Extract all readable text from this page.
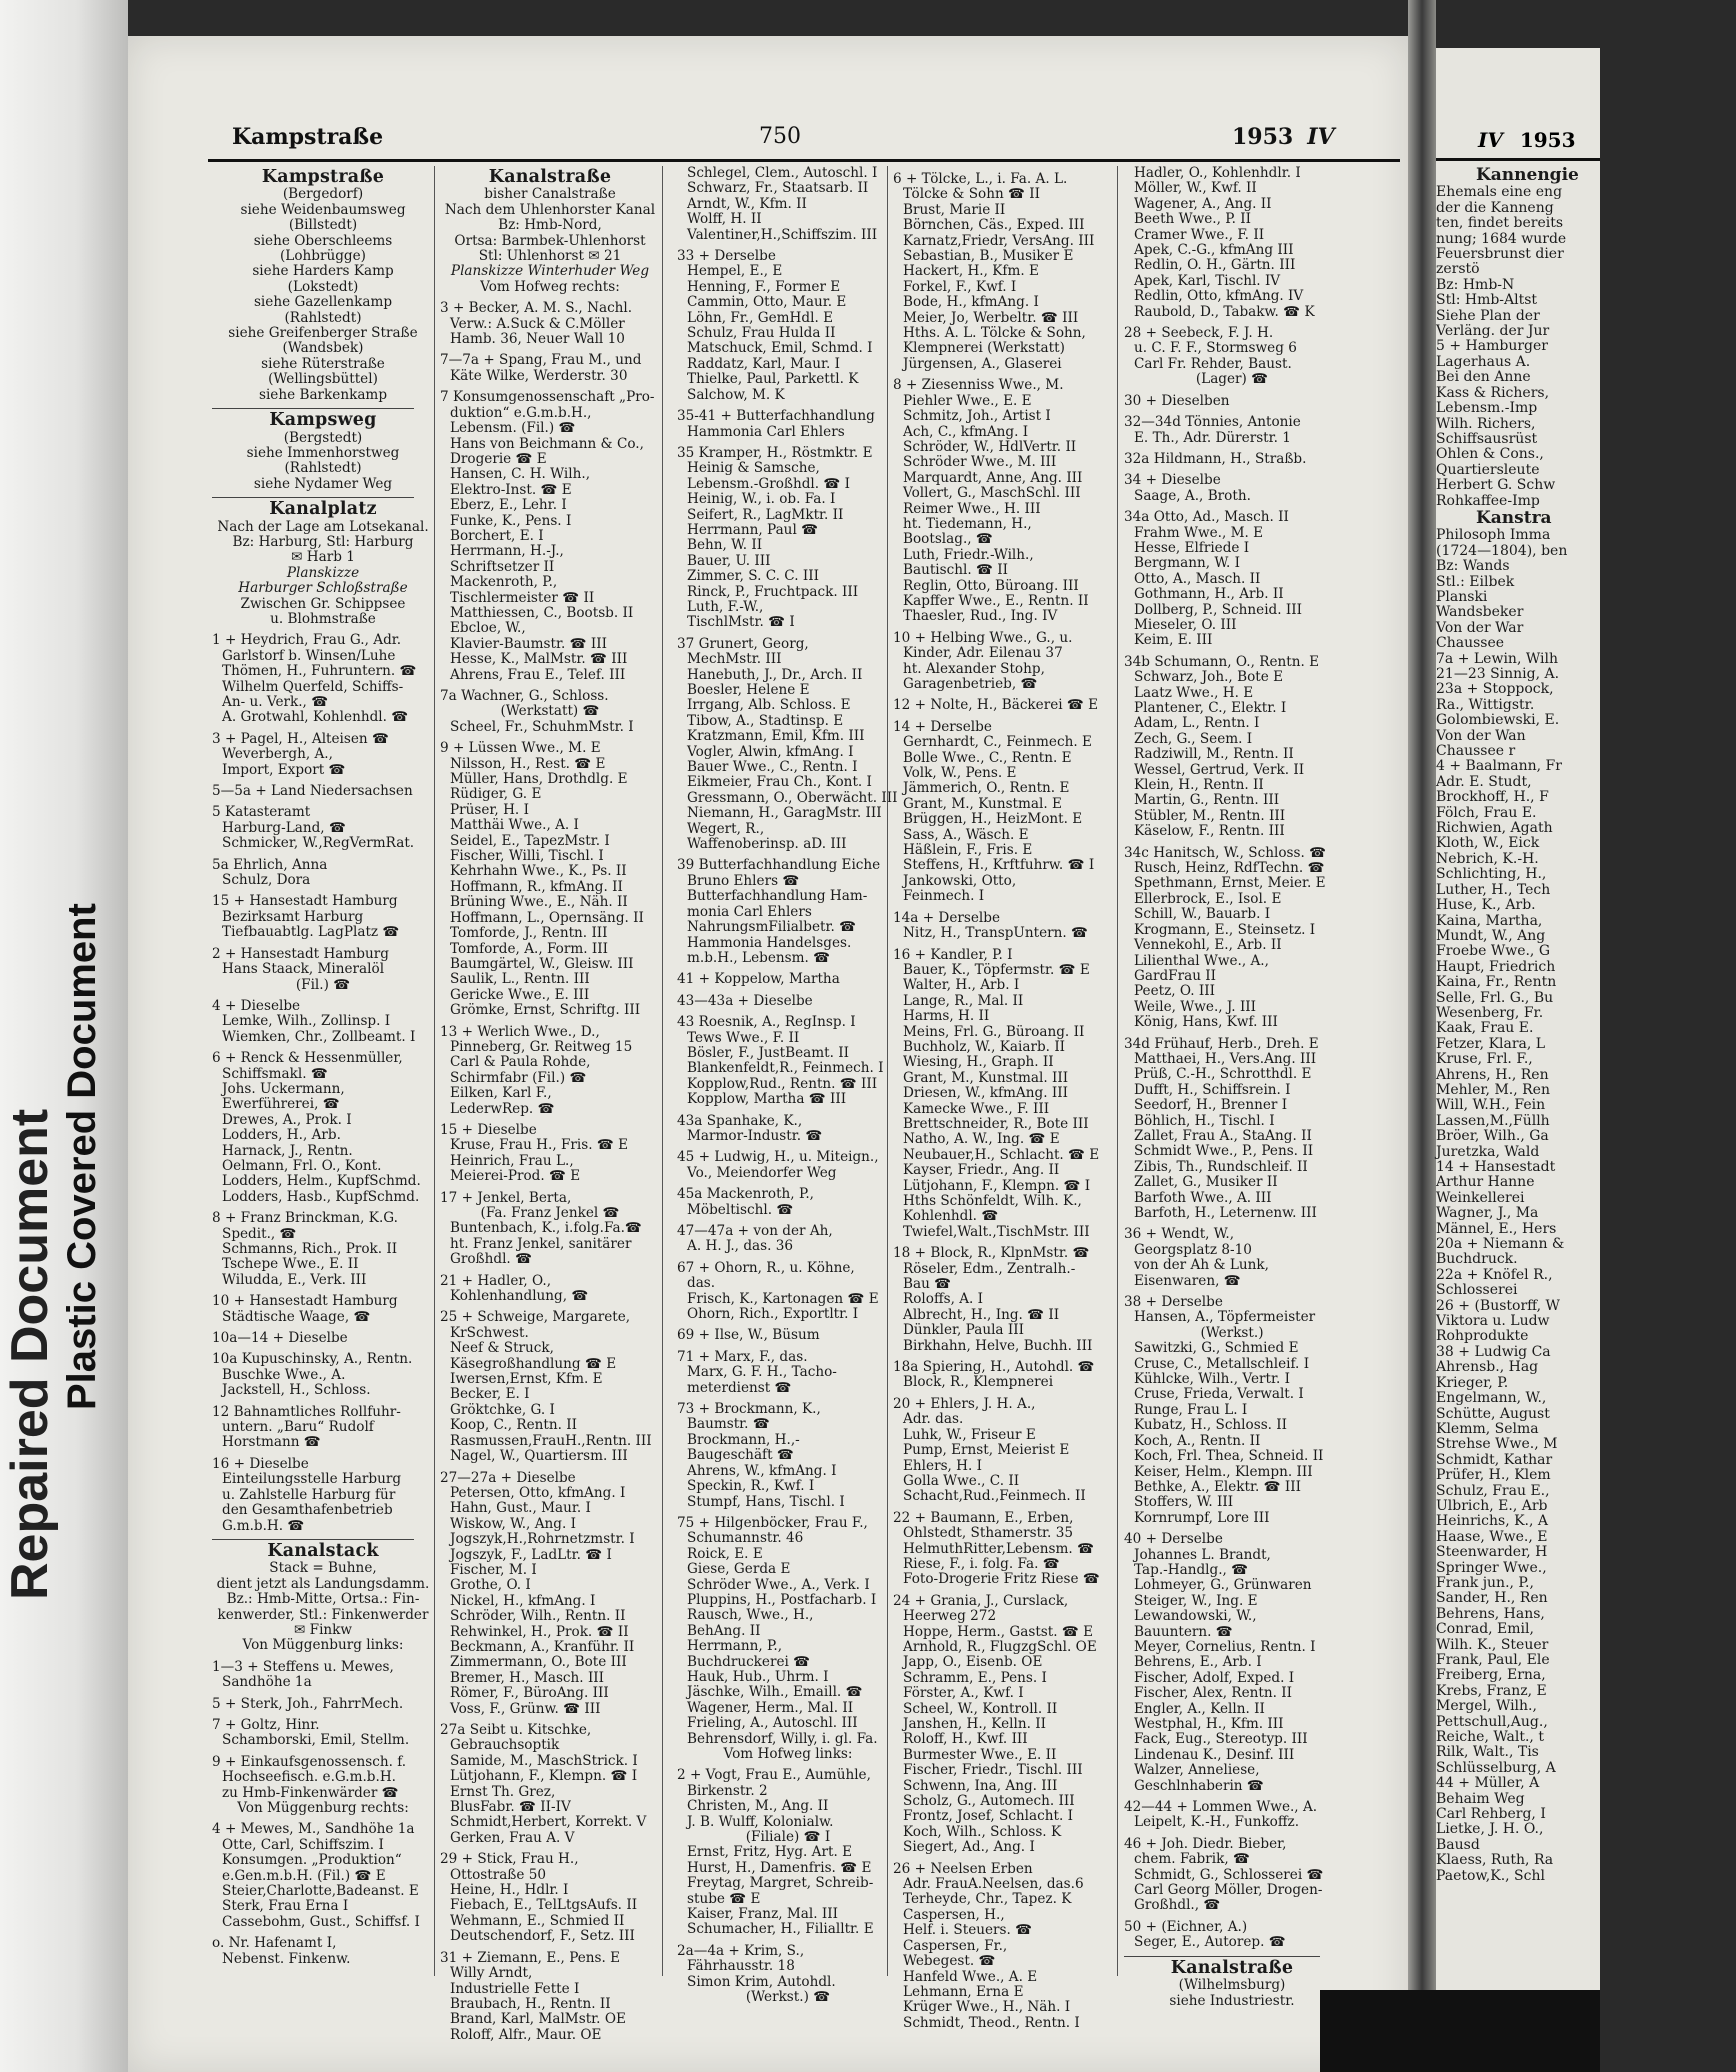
Repaired Document Plastic Covered Document
IV 1953
Kannengie
Ehemals eine eng
der die Kanneng
ten, findet bereits
nung; 1684 wurde
Feuersbrunst dier
zerstö
Bz: Hmb-N
Stl: Hmb-Altst
Siehe Plan der
Verläng. der Jur
5 + Hamburger
Lagerhaus A.
Bei den Anne
Kass & Richers,
Lebensm.-Imp
Wilh. Richers,
Schiffsausrüst
Ohlen & Cons.,
Quartiersleute
Herbert G. Schw
Rohkaffee-Imp
Kanstra
Philosoph Imma
(1724—1804), ben
Bz: Wands
Stl.: Eilbek
Planski
Wandsbeker
Von der War
Chaussee
7a + Lewin, Wilh
21—23 Sinnig, A.
23a + Stoppock,
Ra., Wittigstr.
Golombiewski, E.
Von der Wan
Chaussee r
4 + Baalmann, Fr
Adr. E. Studt,
Brockhoff, H., F
Fölch, Frau E.
Richwien, Agath
Kloth, W., Eick
Nebrich, K.-H.
Schlichting, H.,
Luther, H., Tech
Huse, K., Arb.
Kaina, Martha,
Mundt, W., Ang
Froebe Wwe., G
Haupt, Friedrich
Kaina, Fr., Rentn
Selle, Frl. G., Bu
Wesenberg, Fr.
Kaak, Frau E.
Fetzer, Klara, L
Kruse, Frl. F.,
Ahrens, H., Ren
Mehler, M., Ren
Will, W.H., Fein
Lassen,M.,Füllh
Bröer, Wilh., Ga
Juretzka, Wald
14 + Hansestadt
Arthur Hanne
Weinkellerei
Wagner, J., Ma
Männel, E., Hers
20a + Niemann &
Buchdruck.
22a + Knöfel R.,
Schlosserei
26 + (Bustorff, W
Viktora u. Ludw
Rohprodukte
38 + Ludwig Ca
Ahrensb., Hag
Krieger, P.
Engelmann, W.,
Schütte, August
Klemm, Selma
Strehse Wwe., M
Schmidt, Kathar
Prüfer, H., Klem
Schulz, Frau E.,
Ulbrich, E., Arb
Heinrichs, K., A
Haase, Wwe., E
Steenwarder, H
Springer Wwe.,
Frank jun., P.,
Sander, H., Ren
Behrens, Hans,
Conrad, Emil,
Wilh. K., Steuer
Frank, Paul, Ele
Freiberg, Erna,
Krebs, Franz, E
Mergel, Wilh.,
Pettschull,Aug.,
Reiche, Walt., t
Rilk, Walt., Tis
Schlüsselburg, A
44 + Müller, A
Behaim Weg
Carl Rehberg, I
Lietke, J. H. O.,
Bausd
Klaess, Ruth, Ra
Paetow,K., Schl
Kampstraße	750	1953 IV
Kampstraße
(Bergedorf)
siehe Weidenbaumsweg
(Billstedt)
siehe Oberschleems
(Lohbrügge)
siehe Harders Kamp
(Lokstedt)
siehe Gazellenkamp
(Rahlstedt)
siehe Greifenberger Straße
(Wandsbek)
siehe Rüterstraße
(Wellingsbüttel)
siehe Barkenkamp
Kampsweg
(Bergstedt)
siehe Immenhorstweg
(Rahlstedt)
siehe Nydamer Weg
Kanalplatz
Nach der Lage am Lotsekanal.
Bz: Harburg, Stl: Harburg
✉ Harb 1
Planskizze
Harburger Schloßstraße
Zwischen Gr. Schippsee
u. Blohmstraße
1 + Heydrich, Frau G., Adr.
Garlstorf b. Winsen/Luhe
Thömen, H., Fuhruntern. ☎
Wilhelm Querfeld, Schiffs-
An- u. Verk., ☎
A. Grotwahl, Kohlenhdl. ☎
3 + Pagel, H., Alteisen ☎
Weverbergh, A.,
Import, Export ☎
5—5a + Land Niedersachsen
5 Katasteramt
Harburg-Land, ☎
Schmicker, W.,RegVermRat.
5a Ehrlich, Anna
Schulz, Dora
15 + Hansestadt Hamburg
Bezirksamt Harburg
Tiefbauabtlg. LagPlatz ☎
2 + Hansestadt Hamburg
Hans Staack, Mineralöl
(Fil.) ☎
4 + Dieselbe
Lemke, Wilh., Zollinsp. I
Wiemken, Chr., Zollbeamt. I
6 + Renck & Hessenmüller,
Schiffsmakl. ☎
Johs. Uckermann,
Ewerführerei, ☎
Drewes, A., Prok. I
Lodders, H., Arb.
Harnack, J., Rentn.
Oelmann, Frl. O., Kont.
Lodders, Helm., KupfSchmd.
Lodders, Hasb., KupfSchmd.
8 + Franz Brinckman, K.G.
Spedit., ☎
Schmanns, Rich., Prok. II
Tschepe Wwe., E. II
Wiludda, E., Verk. III
10 + Hansestadt Hamburg
Städtische Waage, ☎
10a—14 + Dieselbe
10a Kupuschinsky, A., Rentn.
Buschke Wwe., A.
Jackstell, H., Schloss.
12 Bahnamtliches Rollfuhr-
untern. „Baru“ Rudolf
Horstmann ☎
16 + Dieselbe
Einteilungsstelle Harburg
u. Zahlstelle Harburg für
den Gesamthafenbetrieb
G.m.b.H. ☎
Kanalstack
Stack = Buhne,
dient jetzt als Landungsdamm.
Bz.: Hmb-Mitte, Ortsa.: Fin-
kenwerder, Stl.: Finkenwerder
✉ Finkw
Von Müggenburg links:
1—3 + Steffens u. Mewes,
Sandhöhe 1a
5 + Sterk, Joh., FahrrMech.
7 + Goltz, Hinr.
Schamborski, Emil, Stellm.
9 + Einkaufsgenossensch. f.
Hochseefisch. e.G.m.b.H.
zu Hmb-Finkenwärder ☎
Von Müggenburg rechts:
4 + Mewes, M., Sandhöhe 1a
Otte, Carl, Schiffszim. I
Konsumgen. „Produktion“
e.Gen.m.b.H. (Fil.) ☎ E
Steier,Charlotte,Badeanst. E
Sterk, Frau Erna I
Cassebohm, Gust., Schiffsf. I
o. Nr. Hafenamt I,
Nebenst. Finkenw.
Kanalstraße
bisher Canalstraße
Nach dem Uhlenhorster Kanal
Bz: Hmb-Nord,
Ortsa: Barmbek-Uhlenhorst
Stl: Uhlenhorst ✉ 21
Planskizze Winterhuder Weg
Vom Hofweg rechts:
3 + Becker, A. M. S., Nachl.
Verw.: A.Suck & C.Möller
Hamb. 36, Neuer Wall 10
7—7a + Spang, Frau M., und
Käte Wilke, Werderstr. 30
7 Konsumgenossenschaft „Pro-
duktion“ e.G.m.b.H.,
Lebensm. (Fil.) ☎
Hans von Beichmann & Co.,
Drogerie ☎ E
Hansen, C. H. Wilh.,
Elektro-Inst. ☎ E
Eberz, E., Lehr. I
Funke, K., Pens. I
Borchert, E. I
Herrmann, H.-J.,
Schriftsetzer II
Mackenroth, P.,
Tischlermeister ☎ II
Matthiessen, C., Bootsb. II
Ebcloe, W.,
Klavier-Baumstr. ☎ III
Hesse, K., MalMstr. ☎ III
Ahrens, Frau E., Telef. III
7a Wachner, G., Schloss.
(Werkstatt) ☎
Scheel, Fr., SchuhmMstr. I
9 + Lüssen Wwe., M. E
Nilsson, H., Rest. ☎ E
Müller, Hans, Drothdlg. E
Rüdiger, G. E
Prüser, H. I
Matthäi Wwe., A. I
Seidel, E., TapezMstr. I
Fischer, Willi, Tischl. I
Kehrhahn Wwe., K., Ps. II
Hoffmann, R., kfmAng. II
Brüning Wwe., E., Näh. II
Hoffmann, L., Opernsäng. II
Tomforde, J., Rentn. III
Tomforde, A., Form. III
Baumgärtel, W., Gleisw. III
Saulik, L., Rentn. III
Gericke Wwe., E. III
Grömke, Ernst, Schriftg. III
13 + Werlich Wwe., D.,
Pinneberg, Gr. Reitweg 15
Carl & Paula Rohde,
Schirmfabr (Fil.) ☎
Eilken, Karl F.,
LederwRep. ☎
15 + Dieselbe
Kruse, Frau H., Fris. ☎ E
Heinrich, Frau L.,
Meierei-Prod. ☎ E
17 + Jenkel, Berta,
(Fa. Franz Jenkel ☎
Buntenbach, K., i.folg.Fa.☎
ht. Franz Jenkel, sanitärer
Großhdl. ☎
21 + Hadler, O.,
Kohlenhandlung, ☎
25 + Schweige, Margarete,
KrSchwest.
Neef & Struck,
Käsegroßhandlung ☎ E
Iwersen,Ernst, Kfm. E
Becker, E. I
Gröktchke, G. I
Koop, C., Rentn. II
Rasmussen,FrauH.,Rentn. III
Nagel, W., Quartiersm. III
27—27a + Dieselbe
Petersen, Otto, kfmAng. I
Hahn, Gust., Maur. I
Wiskow, W., Ang. I
Jogszyk,H.,Rohrnetzmstr. I
Jogszyk, F., LadLtr. ☎ I
Fischer, M. I
Grothe, O. I
Nickel, H., kfmAng. I
Schröder, Wilh., Rentn. II
Rehwinkel, H., Prok. ☎ II
Beckmann, A., Kranführ. II
Zimmermann, O., Bote III
Bremer, H., Masch. III
Römer, F., BüroAng. III
Voss, F., Grünw. ☎ III
27a Seibt u. Kitschke,
Gebrauchsoptik
Samide, M., MaschStrick. I
Lütjohann, F., Klempn. ☎ I
Ernst Th. Grez,
BlusFabr. ☎ II-IV
Schmidt,Herbert, Korrekt. V
Gerken, Frau A. V
29 + Stick, Frau H.,
Ottostraße 50
Heine, H., Hdlr. I
Fiebach, E., TelLtgsAufs. II
Wehmann, E., Schmied II
Deutschendorf, F., Setz. III
31 + Ziemann, E., Pens. E
Willy Arndt,
Industrielle Fette I
Braubach, H., Rentn. II
Brand, Karl, MalMstr. OE
Roloff, Alfr., Maur. OE
Schlegel, Clem., Autoschl. I
Schwarz, Fr., Staatsarb. II
Arndt, W., Kfm. II
Wolff, H. II
Valentiner,H.,Schiffszim. III
33 + Derselbe
Hempel, E., E
Henning, F., Former E
Cammin, Otto, Maur. E
Löhn, Fr., GemHdl. E
Schulz, Frau Hulda II
Matschuck, Emil, Schmd. I
Raddatz, Karl, Maur. I
Thielke, Paul, Parkettl. K
Salchow, M. K
35-41 + Butterfachhandlung
Hammonia Carl Ehlers
35 Kramper, H., Röstmktr. E
Heinig & Samsche,
Lebensm.-Großhdl. ☎ I
Heinig, W., i. ob. Fa. I
Seifert, R., LagMktr. II
Herrmann, Paul ☎
Behn, W. II
Bauer, U. III
Zimmer, S. C. C. III
Rinck, P., Fruchtpack. III
Luth, F.-W.,
TischlMstr. ☎ I
37 Grunert, Georg,
MechMstr. III
Hanebuth, J., Dr., Arch. II
Boesler, Helene E
Irrgang, Alb. Schloss. E
Tibow, A., Stadtinsp. E
Kratzmann, Emil, Kfm. III
Vogler, Alwin, kfmAng. I
Bauer Wwe., C., Rentn. I
Eikmeier, Frau Ch., Kont. I
Gressmann, O., Oberwächt. III
Niemann, H., GaragMstr. III
Wegert, R.,
Waffenoberinsp. aD. III
39 Butterfachhandlung Eiche
Bruno Ehlers ☎
Butterfachhandlung Ham-
monia Carl Ehlers
NahrungsmFilialbetr. ☎
Hammonia Handelsges.
m.b.H., Lebensm. ☎
41 + Koppelow, Martha
43—43a + Dieselbe
43 Roesnik, A., RegInsp. I
Tews Wwe., F. II
Bösler, F., JustBeamt. II
Blankenfeldt,R., Feinmech. I
Kopplow,Rud., Rentn. ☎ III
Kopplow, Martha ☎ III
43a Spanhake, K.,
Marmor-Industr. ☎
45 + Ludwig, H., u. Miteign.,
Vo., Meiendorfer Weg
45a Mackenroth, P.,
Möbeltischl. ☎
47—47a + von der Ah,
A. H. J., das. 36
67 + Ohorn, R., u. Köhne,
das.
Frisch, K., Kartonagen ☎ E
Ohorn, Rich., Exportltr. I
69 + Ilse, W., Büsum
71 + Marx, F., das.
Marx, G. F. H., Tacho-
meterdienst ☎
73 + Brockmann, K.,
Baumstr. ☎
Brockmann, H.,-
Baugeschäft ☎
Ahrens, W., kfmAng. I
Speckin, R., Kwf. I
Stumpf, Hans, Tischl. I
75 + Hilgenböcker, Frau F.,
Schumannstr. 46
Roick, E. E
Giese, Gerda E
Schröder Wwe., A., Verk. I
Pluppins, H., Postfacharb. I
Rausch, Wwe., H.,
BehAng. II
Herrmann, P.,
Buchdruckerei ☎
Hauk, Hub., Uhrm. I
Jäschke, Wilh., Emaill. ☎
Wagener, Herm., Mal. II
Frieling, A., Autoschl. III
Behrensdorf, Willy, i. gl. Fa.
Vom Hofweg links:
2 + Vogt, Frau E., Aumühle,
Birkenstr. 2
Christen, M., Ang. II
J. B. Wulff, Kolonialw.
(Filiale) ☎ I
Ernst, Fritz, Hyg. Art. E
Hurst, H., Damenfris. ☎ E
Freytag, Margret, Schreib-
stube ☎ E
Kaiser, Franz, Mal. III
Schumacher, H., Filialltr. E
2a—4a + Krim, S.,
Fährhausstr. 18
Simon Krim, Autohdl.
(Werkst.) ☎
6 + Tölcke, L., i. Fa. A. L.
Tölcke & Sohn ☎ II
Brust, Marie II
Börnchen, Cäs., Exped. III
Karnatz,Friedr, VersAng. III
Sebastian, B., Musiker E
Hackert, H., Kfm. E
Forkel, F., Kwf. I
Bode, H., kfmAng. I
Meier, Jo, Werbeltr. ☎ III
Hths. A. L. Tölcke & Sohn,
Klempnerei (Werkstatt)
Jürgensen, A., Glaserei
8 + Ziesenniss Wwe., M.
Piehler Wwe., E. E
Schmitz, Joh., Artist I
Ach, C., kfmAng. I
Schröder, W., HdlVertr. II
Schröder Wwe., M. III
Marquardt, Anne, Ang. III
Vollert, G., MaschSchl. III
Reimer Wwe., H. III
ht. Tiedemann, H.,
Bootslag., ☎
Luth, Friedr.-Wilh.,
Bautischl. ☎ II
Reglin, Otto, Büroang. III
Kapffer Wwe., E., Rentn. II
Thaesler, Rud., Ing. IV
10 + Helbing Wwe., G., u.
Kinder, Adr. Eilenau 37
ht. Alexander Stohp,
Garagenbetrieb, ☎
12 + Nolte, H., Bäckerei ☎ E
14 + Derselbe
Gernhardt, C., Feinmech. E
Bolle Wwe., C., Rentn. E
Volk, W., Pens. E
Jämmerich, O., Rentn. E
Grant, M., Kunstmal. E
Brüggen, H., HeizMont. E
Sass, A., Wäsch. E
Häßlein, F., Fris. E
Steffens, H., Krftfuhrw. ☎ I
Jankowski, Otto,
Feinmech. I
14a + Derselbe
Nitz, H., TranspUntern. ☎
16 + Kandler, P. I
Bauer, K., Töpfermstr. ☎ E
Walter, H., Arb. I
Lange, R., Mal. II
Harms, H. II
Meins, Frl. G., Büroang. II
Buchholz, W., Kaiarb. II
Wiesing, H., Graph. II
Grant, M., Kunstmal. III
Driesen, W., kfmAng. III
Kamecke Wwe., F. III
Brettschneider, R., Bote III
Natho, A. W., Ing. ☎ E
Neubauer,H., Schlacht. ☎ E
Kayser, Friedr., Ang. II
Lütjohann, F., Klempn. ☎ I
Hths Schönfeldt, Wilh. K.,
Kohlenhdl. ☎
Twiefel,Walt.,TischMstr. III
18 + Block, R., KlpnMstr. ☎
Röseler, Edm., Zentralh.-
Bau ☎
Roloffs, A. I
Albrecht, H., Ing. ☎ II
Dünkler, Paula III
Birkhahn, Helve, Buchh. III
18a Spiering, H., Autohdl. ☎
Block, R., Klempnerei
20 + Ehlers, J. H. A.,
Adr. das.
Luhk, W., Friseur E
Pump, Ernst, Meierist E
Ehlers, H. I
Golla Wwe., C. II
Schacht,Rud.,Feinmech. II
22 + Baumann, E., Erben,
Ohlstedt, Sthamerstr. 35
HelmuthRitter,Lebensm. ☎
Riese, F., i. folg. Fa. ☎
Foto-Drogerie Fritz Riese ☎
24 + Grania, J., Curslack,
Heerweg 272
Hoppe, Herm., Gastst. ☎ E
Arnhold, R., FlugzgSchl. OE
Japp, O., Eisenb. OE
Schramm, E., Pens. I
Förster, A., Kwf. I
Scheel, W., Kontroll. II
Janshen, H., Kelln. II
Roloff, H., Kwf. III
Burmester Wwe., E. II
Fischer, Friedr., Tischl. III
Schwenn, Ina, Ang. III
Scholz, G., Automech. III
Frontz, Josef, Schlacht. I
Koch, Wilh., Schloss. K
Siegert, Ad., Ang. I
26 + Neelsen Erben
Adr. FrauA.Neelsen, das.6
Terheyde, Chr., Tapez. K
Caspersen, H.,
Helf. i. Steuers. ☎
Caspersen, Fr.,
Webegest. ☎
Hanfeld Wwe., A. E
Lehmann, Erna E
Krüger Wwe., H., Näh. I
Schmidt, Theod., Rentn. I
Hadler, O., Kohlenhdlr. I
Möller, W., Kwf. II
Wagener, A., Ang. II
Beeth Wwe., P. II
Cramer Wwe., F. II
Apek, C.-G., kfmAng III
Redlin, O. H., Gärtn. III
Apek, Karl, Tischl. IV
Redlin, Otto, kfmAng. IV
Raubold, D., Tabakw. ☎ K
28 + Seebeck, F. J. H.
u. C. F. F., Stormsweg 6
Carl Fr. Rehder, Baust.
(Lager) ☎
30 + Dieselben
32—34d Tönnies, Antonie
E. Th., Adr. Dürerstr. 1
32a Hildmann, H., Straßb.
34 + Dieselbe
Saage, A., Broth.
34a Otto, Ad., Masch. II
Frahm Wwe., M. E
Hesse, Elfriede I
Bergmann, W. I
Otto, A., Masch. II
Gothmann, H., Arb. II
Dollberg, P., Schneid. III
Mieseler, O. III
Keim, E. III
34b Schumann, O., Rentn. E
Schwarz, Joh., Bote E
Laatz Wwe., H. E
Plantener, C., Elektr. I
Adam, L., Rentn. I
Zech, G., Seem. I
Radziwill, M., Rentn. II
Wessel, Gertrud, Verk. II
Klein, H., Rentn. II
Martin, G., Rentn. III
Stübler, M., Rentn. III
Käselow, F., Rentn. III
34c Hanitsch, W., Schloss. ☎
Rusch, Heinz, RdfTechn. ☎
Spethmann, Ernst, Meier. E
Ellerbrock, E., Isol. E
Schill, W., Bauarb. I
Krogmann, E., Steinsetz. I
Vennekohl, E., Arb. II
Lilienthal Wwe., A.,
GardFrau II
Peetz, O. III
Weile, Wwe., J. III
König, Hans, Kwf. III
34d Frühauf, Herb., Dreh. E
Matthaei, H., Vers.Ang. III
Prüß, C.-H., Schrotthdl. E
Dufft, H., Schiffsrein. I
Seedorf, H., Brenner I
Böhlich, H., Tischl. I
Zallet, Frau A., StaAng. II
Schmidt Wwe., P., Pens. II
Zibis, Th., Rundschleif. II
Zallet, G., Musiker II
Barfoth Wwe., A. III
Barfoth, H., Leternenw. III
36 + Wendt, W.,
Georgsplatz 8-10
von der Ah & Lunk,
Eisenwaren, ☎
38 + Derselbe
Hansen, A., Töpfermeister
(Werkst.)
Sawitzki, G., Schmied E
Cruse, C., Metallschleif. I
Kühlcke, Wilh., Vertr. I
Cruse, Frieda, Verwalt. I
Runge, Frau L. I
Kubatz, H., Schloss. II
Koch, A., Rentn. II
Koch, Frl. Thea, Schneid. II
Keiser, Helm., Klempn. III
Bethke, A., Elektr. ☎ III
Stoffers, W. III
Kornrumpf, Lore III
40 + Derselbe
Johannes L. Brandt,
Tap.-Handlg., ☎
Lohmeyer, G., Grünwaren
Steiger, W., Ing. E
Lewandowski, W.,
Bauuntern. ☎
Meyer, Cornelius, Rentn. I
Behrens, E., Arb. I
Fischer, Adolf, Exped. I
Fischer, Alex, Rentn. II
Engler, A., Kelln. II
Westphal, H., Kfm. III
Fack, Eug., Stereotyp. III
Lindenau K., Desinf. III
Walzer, Anneliese,
Geschlnhaberin ☎
42—44 + Lommen Wwe., A.
Leipelt, K.-H., Funkoffz.
46 + Joh. Diedr. Bieber,
chem. Fabrik, ☎
Schmidt, G., Schlosserei ☎
Carl Georg Möller, Drogen-
Großhdl., ☎
50 + (Eichner, A.)
Seger, E., Autorep. ☎
Kanalstraße
(Wilhelmsburg)
siehe Industriestr.
